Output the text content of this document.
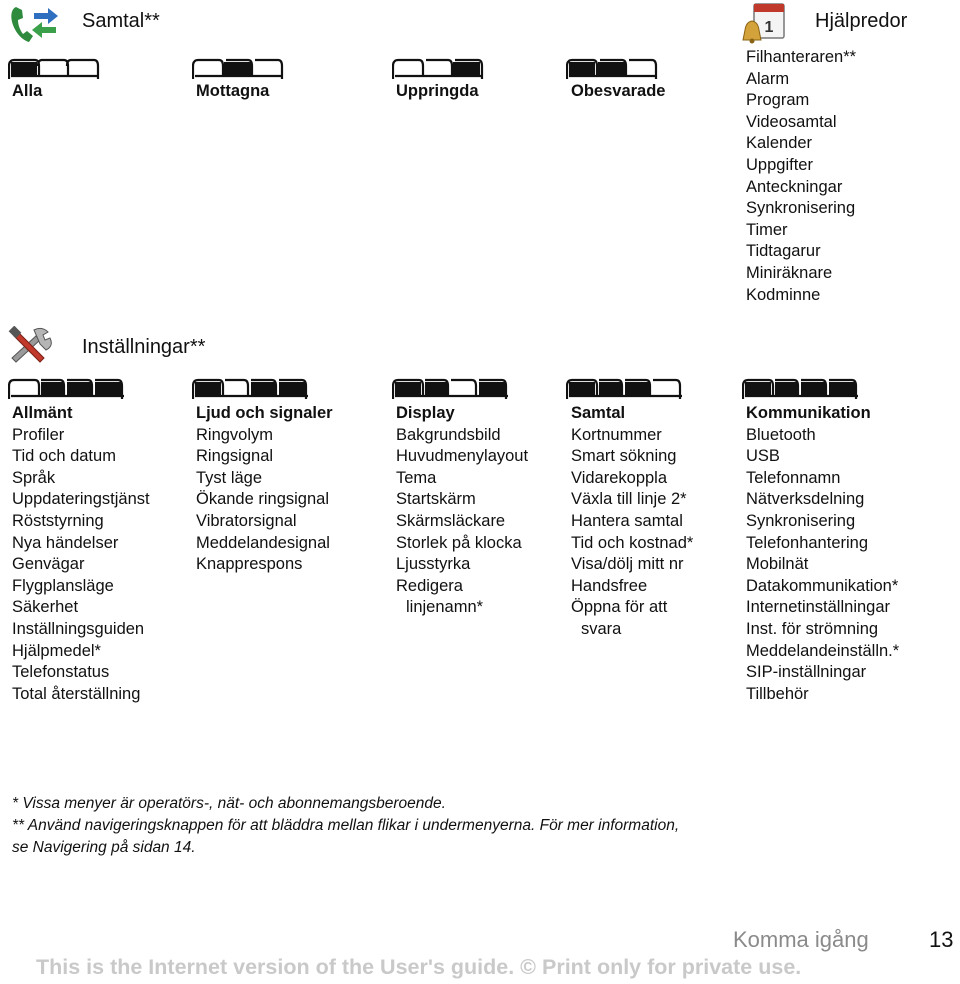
Samtal**
Alla	Mottagna	Uppringda	Obesvarade
1 Hjälpredor
Filhanteraren**
Alarm
Program
Videosamtal
Kalender
Uppgifter
Anteckningar
Synkronisering
Timer
Tidtagarur
Miniräknare
Kodminne
Inställningar**
Allmänt
Profiler
Tid och datum
Språk
Uppdateringstjänst
Röststyrning
Nya händelser
Genvägar
Flygplansläge
Säkerhet
Inställningsguiden
Hjälpmedel*
Telefonstatus
Total återställning
Ljud och signaler
Ringvolym
Ringsignal
Tyst läge
Ökande ringsignal
Vibratorsignal
Meddelandesignal
Knapprespons
Display
Bakgrundsbild
Huvudmenylayout
Tema
Startskärm
Skärmsläckare
Storlek på klocka
Ljusstyrka
Redigera
linjenamn*
Samtal
Kortnummer
Smart sökning
Vidarekoppla
Växla till linje 2*
Hantera samtal
Tid och kostnad*
Visa/dölj mitt nr
Handsfree
Öppna för att
svara
Kommunikation
Bluetooth
USB
Telefonnamn
Nätverksdelning
Synkronisering
Telefonhantering
Mobilnät
Datakommunikation*
Internetinställningar
Inst. för strömning
Meddelandeinställn.*
SIP-inställningar
Tillbehör
* Vissa menyer är operatörs-, nät- och abonnemangsberoende.
** Använd navigeringsknappen för att bläddra mellan flikar i undermenyerna. För mer information,
se Navigering på sidan 14.
Komma igång	13
This is the Internet version of the User's guide. © Print only for private use.
